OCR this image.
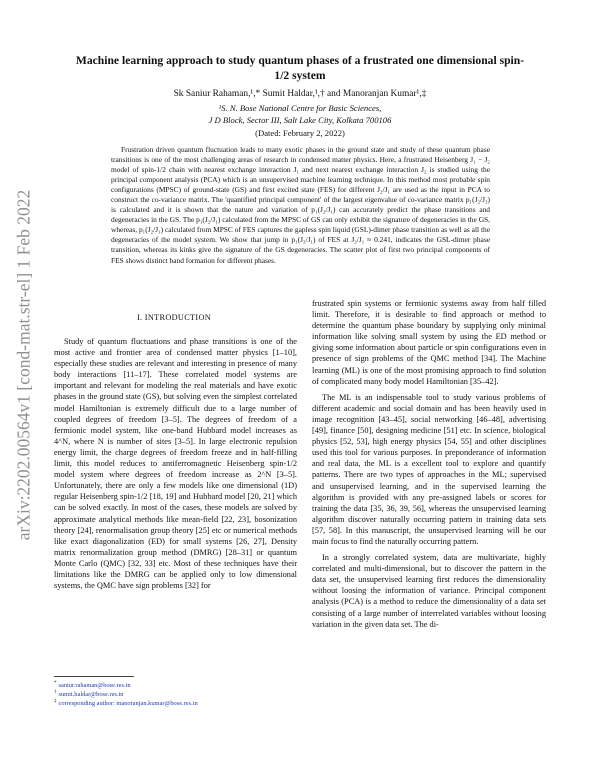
arXiv:2202.00564v1 [cond-mat.str-el] 1 Feb 2022
Machine learning approach to study quantum phases of a frustrated one dimensional spin-1/2 system
Sk Saniur Rahaman,¹,* Sumit Haldar,¹,† and Manoranjan Kumar¹,‡
¹S. N. Bose National Centre for Basic Sciences,
J D Block, Sector III, Salt Lake City, Kolkata 700106
(Dated: February 2, 2022)
Frustration driven quantum fluctuation leads to many exotic phases in the ground state and study of these quantum phase transitions is one of the most challenging areas of research in condensed matter physics. Here, a frustrated Heisenberg J₁ − J₂ model of spin-1/2 chain with nearest exchange interaction J₁ and next nearest exchange interaction J₂ is studied using the principal component analysis (PCA) which is an unsupervised machine learning technique. In this method most probable spin configurations (MPSC) of ground-state (GS) and first excited state (FES) for different J₂/J₁ are used as the input in PCA to construct the co-variance matrix. The 'quantified principal component' of the largest eigenvalue of co-variance matrix p₁(J₂/J₁) is calculated and it is shown that the nature and variation of p₁(J₂/J₁) can accurately predict the phase transitions and degeneracies in the GS. The p₁(J₂/J₁) calculated from the MPSC of GS can only exhibit the signature of degeneracies in the GS, whereas, p₁(J₂/J₁) calculated from MPSC of FES captures the gapless spin liquid (GSL)-dimer phase transition as well as all the degeneracies of the model system. We show that jump in p₁(J₂/J₁) of FES at J₂/J₁ ≈ 0.241, indicates the GSL-dimer phase transition, whereas its kinks give the signature of the GS degeneracies. The scatter plot of first two principal components of FES shows distinct band formation for different phases.
I. INTRODUCTION

Study of quantum fluctuations and phase transitions is one of the most active and frontier area of condensed matter physics [1–10], especially these studies are relevant and interesting in presence of many body interactions [11–17]. These correlated model systems are important and relevant for modeling the real materials and have exotic phases in the ground state (GS), but solving even the simplest correlated model Hamiltonian is extremely difficult due to a large number of coupled degrees of freedom [3–5]. The degrees of freedom of a fermionic model system, like one-band Hubbard model increases as 4^N, where N is number of sites [3–5]. In large electronic repulsion energy limit, the charge degrees of freedom freeze and in half-filling limit, this model reduces to antiferromagnetic Heisenberg spin-1/2 model system where degrees of freedom increase as 2^N [3–5]. Unfortunately, there are only a few models like one dimensional (1D) regular Heisenberg spin-1/2 [18, 19] and Hubbard model [20, 21] which can be solved exactly. In most of the cases, these models are solved by approximate analytical methods like mean-field [22, 23], bosonization theory [24], renormalisation group theory [25] etc or numerical methods like exact diagonalization (ED) for small systems [26, 27], Density matrix renormalization group method (DMRG) [28–31] or quantum Monte Carlo (QMC) [32, 33] etc. Most of these techniques have their limitations like the DMRG can be applied only to low dimensional systems, the QMC have sign problems [32] for

frustrated spin systems or fermionic systems away from half filled limit. Therefore, it is desirable to find approach or method to determine the quantum phase boundary by supplying only minimal information like solving small system by using the ED method or giving some information about particle or spin configurations even in presence of sign problems of the QMC method [34]. The Machine learning (ML) is one of the most promising approach to find solution of complicated many body model Hamiltonian [35–42].

The ML is an indispensable tool to study various problems of different academic and social domain and has been heavily used in image recognition [43–45], social networking [46–48], advertising [49], finance [50], designing medicine [51] etc. In science, biological physics [52, 53], high energy physics [54, 55] and other disciplines used this tool for various purposes. In preponderance of information and real data, the ML is a excellent tool to explore and quantify patterns. There are two types of approaches in the ML; supervised and unsupervised learning, and in the supervised learning the algorithm is provided with any pre-assigned labels or scores for training the data [35, 36, 39, 56], whereas the unsupervised learning algorithm discover naturally occurring pattern in training data sets [57, 58]. In this manuscript, the unsupervised learning will be our main focus to find the naturally occurring pattern.

In a strongly correlated system, data are multivariate, highly correlated and multi-dimensional, but to discover the pattern in the data set, the unsupervised learning first reduces the dimensionality without loosing the information of variance. Principal component analysis (PCA) is a method to reduce the dimensionality of a data set consisting of a large number of interrelated variables without loosing variation in the given data set. The di-

* saniur.rahaman@bose.res.in
† sumit.haldar@bose.res.in
‡ corresponding author: manoranjan.kumar@bose.res.in
